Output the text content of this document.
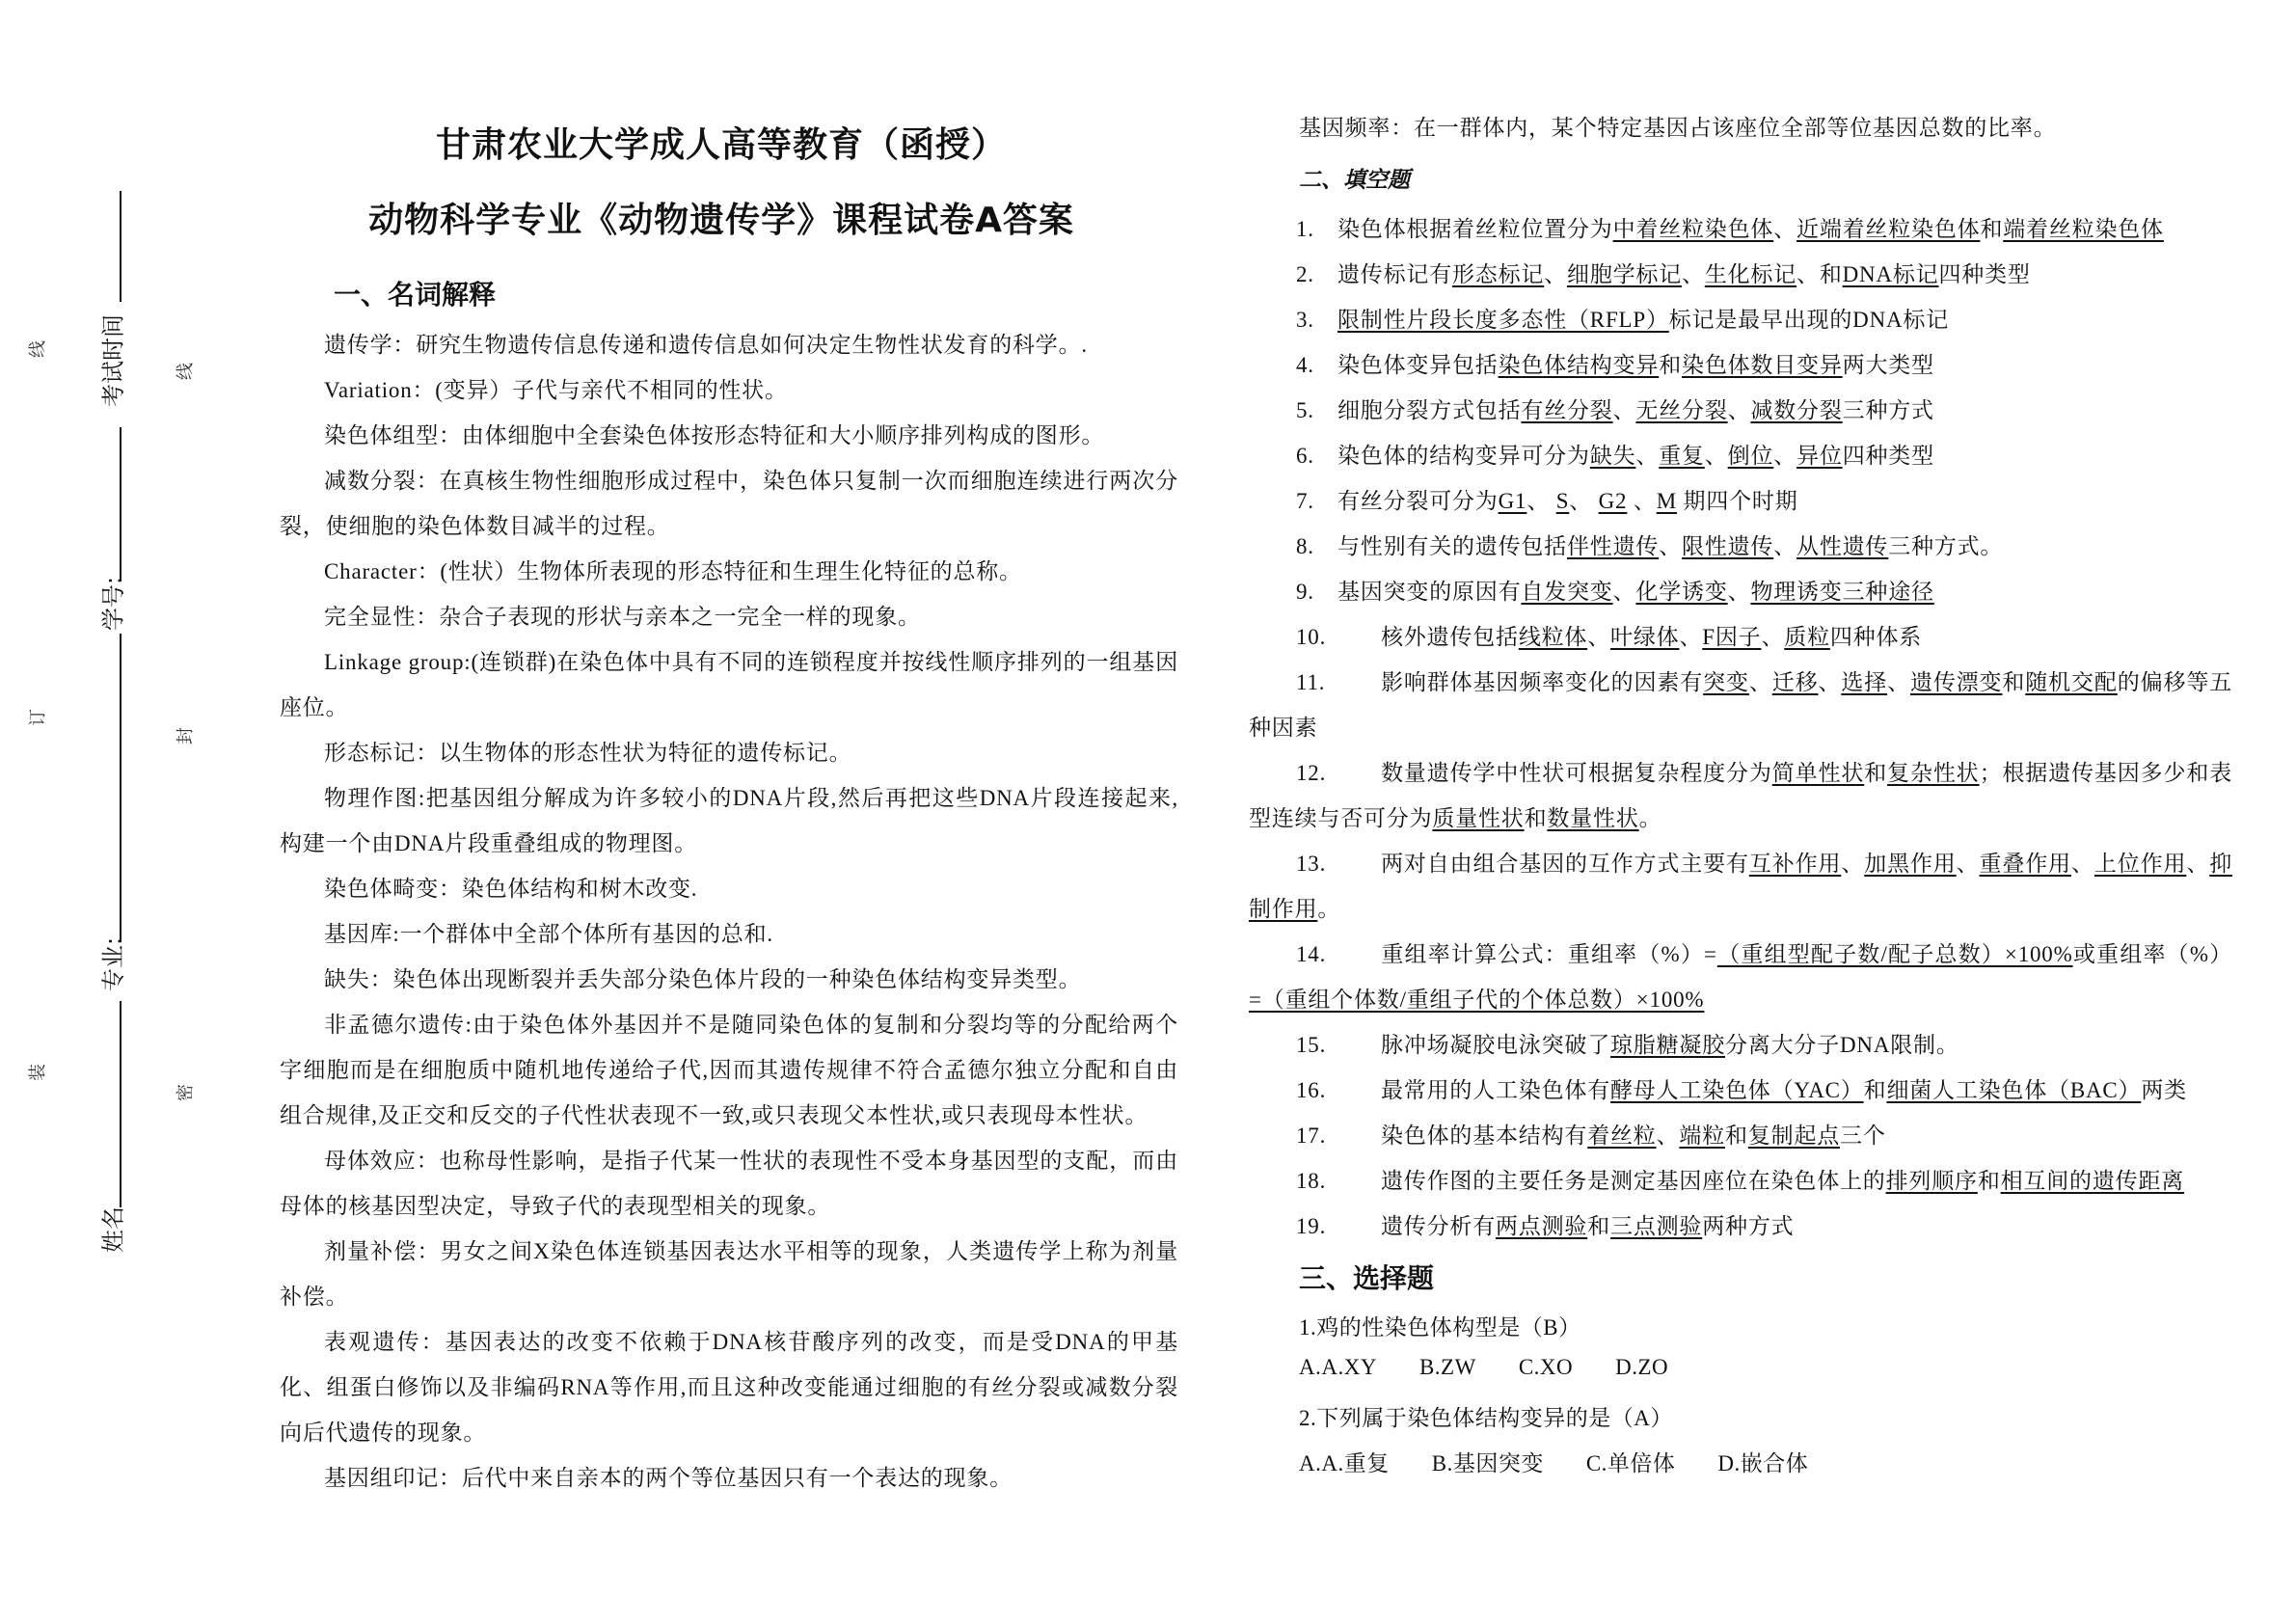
考试时间
学号:
专业:
姓名
线
订
装
线
封
密
甘肃农业大学成人高等教育（函授）
动物科学专业《动物遗传学》课程试卷A答案
一、名词解释

遗传学：研究生物遗传信息传递和遗传信息如何决定生物性状发育的科学。.

Variation：(变异）子代与亲代不相同的性状。

染色体组型：由体细胞中全套染色体按形态特征和大小顺序排列构成的图形。

减数分裂：在真核生物性细胞形成过程中，染色体只复制一次而细胞连续进行两次分裂，使细胞的染色体数目减半的过程。

Character：(性状）生物体所表现的形态特征和生理生化特征的总称。

完全显性：杂合子表现的形状与亲本之一完全一样的现象。

Linkage group:(连锁群)在染色体中具有不同的连锁程度并按线性顺序排列的一组基因座位。

形态标记：以生物体的形态性状为特征的遗传标记。

物理作图:把基因组分解成为许多较小的DNA片段,然后再把这些DNA片段连接起来,构建一个由DNA片段重叠组成的物理图。

染色体畸变：染色体结构和树木改变.

基因库:一个群体中全部个体所有基因的总和.

缺失：染色体出现断裂并丢失部分染色体片段的一种染色体结构变异类型。

非孟德尔遗传:由于染色体外基因并不是随同染色体的复制和分裂均等的分配给两个字细胞而是在细胞质中随机地传递给子代,因而其遗传规律不符合孟德尔独立分配和自由组合规律,及正交和反交的子代性状表现不一致,或只表现父本性状,或只表现母本性状。

母体效应：也称母性影响，是指子代某一性状的表现性不受本身基因型的支配，而由母体的核基因型决定，导致子代的表现型相关的现象。

剂量补偿：男女之间X染色体连锁基因表达水平相等的现象，人类遗传学上称为剂量补偿。

表观遗传：基因表达的改变不依赖于DNA核苷酸序列的改变，而是受DNA的甲基化、组蛋白修饰以及非编码RNA等作用,而且这种改变能通过细胞的有丝分裂或减数分裂向后代遗传的现象。

基因组印记：后代中来自亲本的两个等位基因只有一个表达的现象。

二、填空题

1. 染色体根据着丝粒位置分为中着丝粒染色体、近端着丝粒染色体和端着丝粒染色体

2. 遗传标记有形态标记、细胞学标记、生化标记、和DNA标记四种类型

3. 限制性片段长度多态性（RFLP）标记是最早出现的DNA标记

4. 染色体变异包括染色体结构变异和染色体数目变异两大类型

5. 细胞分裂方式包括有丝分裂、无丝分裂、减数分裂三种方式

6. 染色体的结构变异可分为缺失、重复、倒位、异位四种类型

7. 有丝分裂可分为G1、 S、 G2 、M 期四个时期

8. 与性别有关的遗传包括伴性遗传、限性遗传、从性遗传三种方式。

9. 基因突变的原因有自发突变、化学诱变、物理诱变三种途径

10. 核外遗传包括线粒体、叶绿体、F因子、质粒四种体系

11.	影响群体基因频率变化的因素有突变、迁移、选择、遗传漂变和随机交配的偏移等五种因素

12. 数量遗传学中性状可根据复杂程度分为简单性状和复杂性状；根据遗传基因多少和表型连续与否可分为质量性状和数量性状。

13. 两对自由组合基因的互作方式主要有互补作用、加黑作用、重叠作用、上位作用、抑制作用。

14. 重组率计算公式：重组率（%）=（重组型配子数/配子总数）×100%或重组率（%）=（重组个体数/重组子代的个体总数）×100%

15. 脉冲场凝胶电泳突破了琼脂糖凝胶分离大分子DNA限制。

16. 最常用的人工染色体有酵母人工染色体（YAC）和细菌人工染色体（BAC）两类

17. 染色体的基本结构有着丝粒、端粒和复制起点三个

18. 遗传作图的主要任务是测定基因座位在染色体上的排列顺序和相互间的遗传距离

19. 遗传分析有两点测验和三点测验两种方式

三、选择题
基因频率：在一群体内，某个特定基因占该座位全部等位基因总数的比率。
1.鸡的性染色体构型是（B）
A.A.XY B.ZW C.XO D.ZO
2.下列属于染色体结构变异的是（A）
A.A.重复 B.基因突变 C.单倍体 D.嵌合体
